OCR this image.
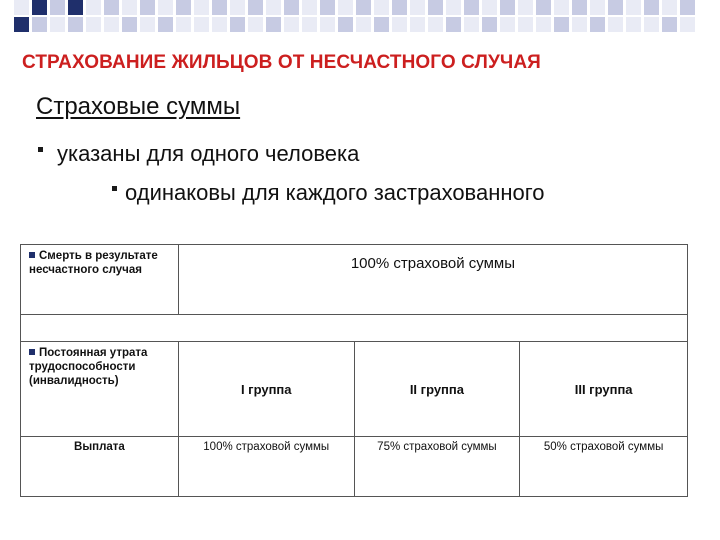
СТРАХОВАНИЕ ЖИЛЬЦОВ ОТ НЕСЧАСТНОГО СЛУЧАЯ
Страховые суммы
указаны для одного человека
одинаковы для каждого застрахованного
Смерть в результате несчастного случая	100% страховой суммы		

Постоянная утрата трудоспособности (инвалидность)	I группа	II группа	III группа
Выплата	100% страховой суммы	75% страховой суммы	50% страховой суммы
